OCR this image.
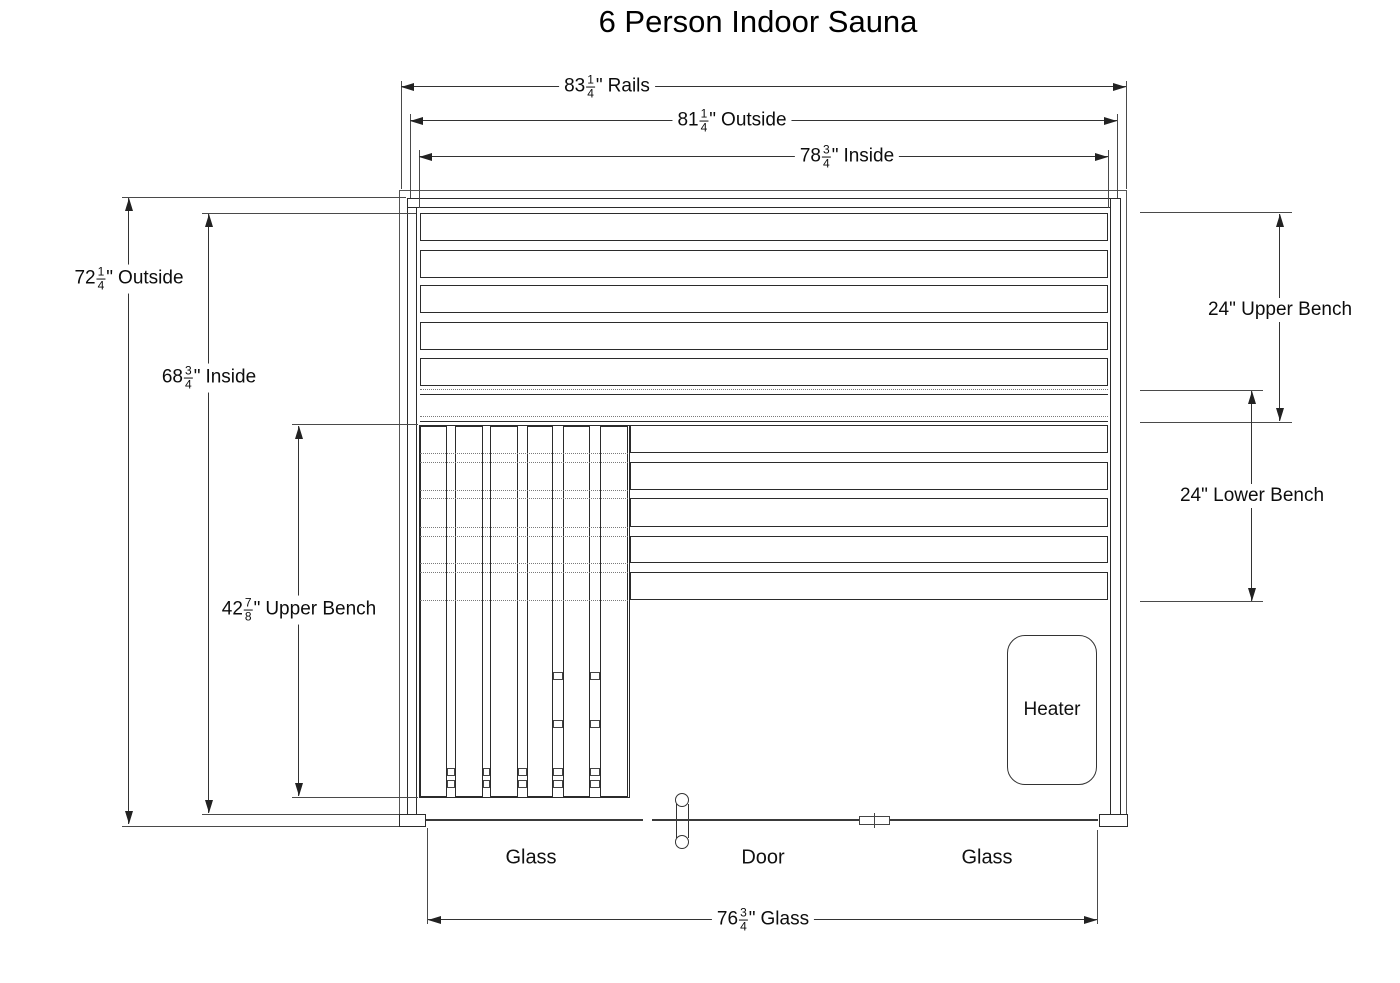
6 Person Indoor Sauna
Heater
Glass	Door	Glass
$83 \frac{1}{4}$ " Rails
$81 \frac{1}{4}$ " Outside
$78 \frac{3}{4}$ " Inside
$72 \frac{1}{4}$ " Outside
$68 \frac{3}{4}$ " Inside
$42 \frac{7}{8}$ " Upper Bench
24" Upper Bench
24" Lower Bench
$76 \frac{3}{4}$ " Glass
